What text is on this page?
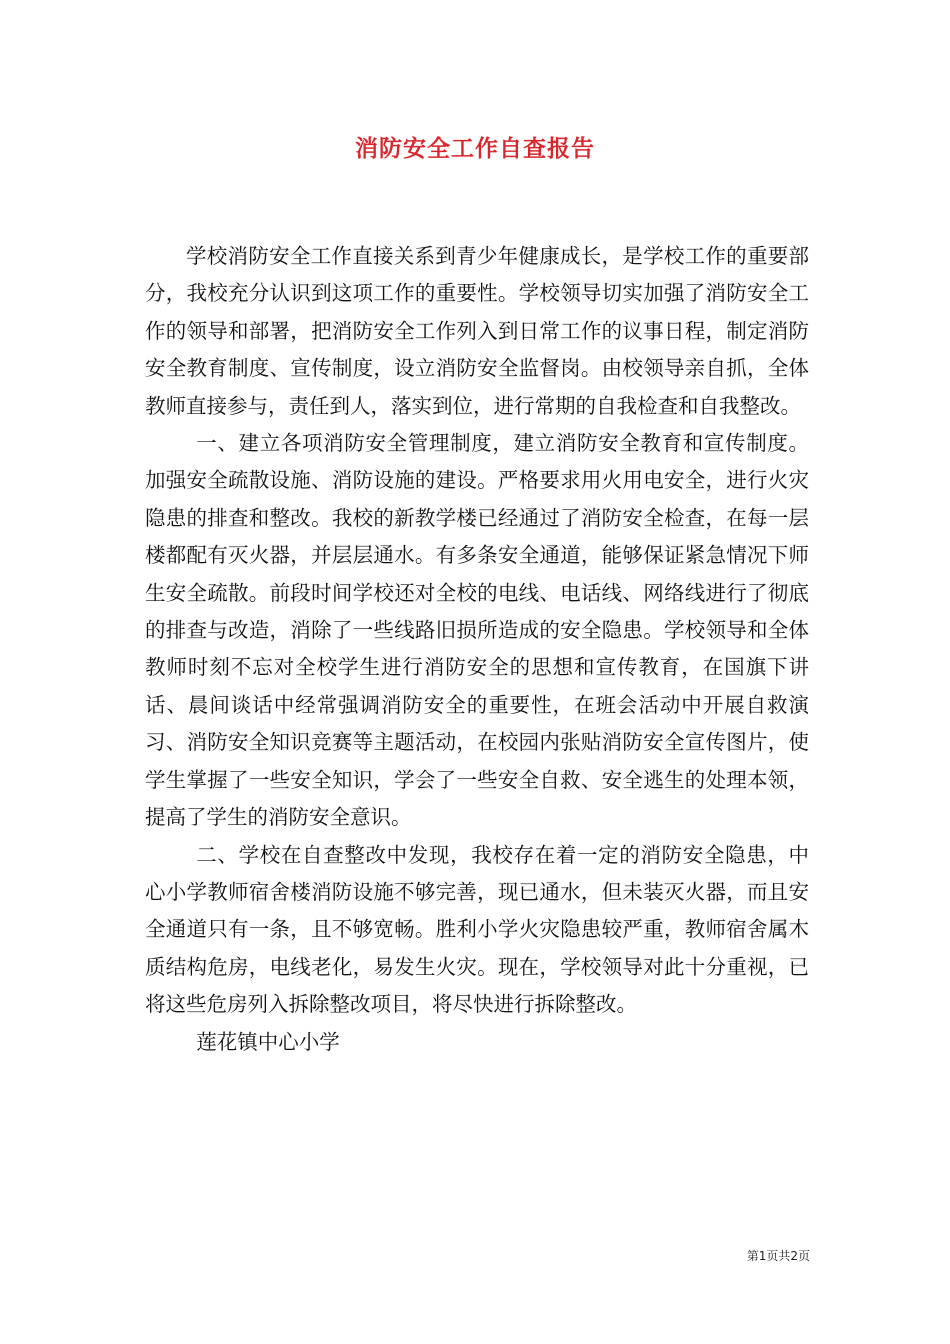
消防安全工作自查报告

学校消防安全工作直接关系到青少年健康成长，是学校工作的重要部分，我校充分认识到这项工作的重要性。学校领导切实加强了消防安全工作的领导和部署，把消防安全工作列入到日常工作的议事日程，制定消防安全教育制度、宣传制度，设立消防安全监督岗。由校领导亲自抓，全体教师直接参与，责任到人，落实到位，进行常期的自我检查和自我整改。

一、建立各项消防安全管理制度，建立消防安全教育和宣传制度。加强安全疏散设施、消防设施的建设。严格要求用火用电安全，进行火灾隐患的排查和整改。我校的新教学楼已经通过了消防安全检查，在每一层楼都配有灭火器，并层层通水。有多条安全通道，能够保证紧急情况下师生安全疏散。前段时间学校还对全校的电线、电话线、网络线进行了彻底的排查与改造，消除了一些线路旧损所造成的安全隐患。学校领导和全体教师时刻不忘对全校学生进行消防安全的思想和宣传教育，在国旗下讲话、晨间谈话中经常强调消防安全的重要性，在班会活动中开展自救演习、消防安全知识竞赛等主题活动，在校园内张贴消防安全宣传图片，使学生掌握了一些安全知识，学会了一些安全自救、安全逃生的处理本领，提高了学生的消防安全意识。

二、学校在自查整改中发现，我校存在着一定的消防安全隐患，中心小学教师宿舍楼消防设施不够完善，现已通水，但未装灭火器，而且安全通道只有一条，且不够宽畅。胜利小学火灾隐患较严重，教师宿舍属木质结构危房，电线老化，易发生火灾。现在，学校领导对此十分重视，已将这些危房列入拆除整改项目，将尽快进行拆除整改。

莲花镇中心小学

第1页共2页
